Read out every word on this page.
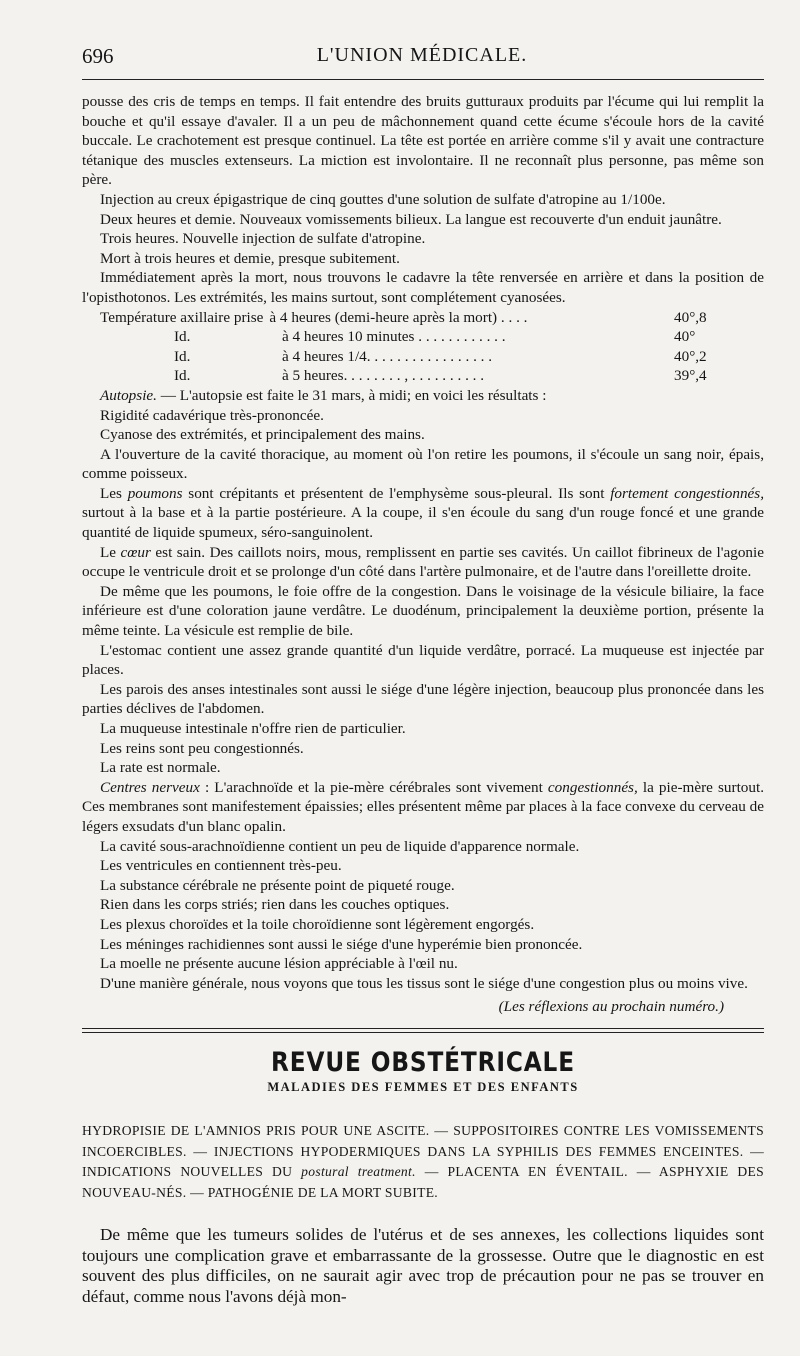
696	L'UNION MÉDICALE.

pousse des cris de temps en temps. Il fait entendre des bruits gutturaux produits par l'écume qui lui remplit la bouche et qu'il essaye d'avaler. Il a un peu de mâchonnement quand cette écume s'écoule hors de la cavité buccale. Le crachotement est presque continuel. La tête est portée en arrière comme s'il y avait une contracture tétanique des muscles extenseurs. La miction est involontaire. Il ne reconnaît plus personne, pas même son père.

Injection au creux épigastrique de cinq gouttes d'une solution de sulfate d'atropine au 1/100e.

Deux heures et demie. Nouveaux vomissements bilieux. La langue est recouverte d'un enduit jaunâtre.

Trois heures. Nouvelle injection de sulfate d'atropine.

Mort à trois heures et demie, presque subitement.

Immédiatement après la mort, nous trouvons le cadavre la tête renversée en arrière et dans la position de l'opisthotonos. Les extrémités, les mains surtout, sont complétement cyanosées.

Température axillaire prise à 4 heures (demi-heure après la mort) . . . .	40°,8
Id.	à 4 heures 10 minutes . . . . . . . . . . . .	40°
Id.	à 4 heures 1/4. . . . . . . . . . . . . . . . .	40°,2
Id.	à 5 heures. . . . . . . . , . . . . . . . . . .	39°,4

Autopsie. — L'autopsie est faite le 31 mars, à midi; en voici les résultats :

Rigidité cadavérique très-prononcée.

Cyanose des extrémités, et principalement des mains.

A l'ouverture de la cavité thoracique, au moment où l'on retire les poumons, il s'écoule un sang noir, épais, comme poisseux.

Les poumons sont crépitants et présentent de l'emphysème sous-pleural. Ils sont fortement congestionnés, surtout à la base et à la partie postérieure. A la coupe, il s'en écoule du sang d'un rouge foncé et une grande quantité de liquide spumeux, séro-sanguinolent.

Le cœur est sain. Des caillots noirs, mous, remplissent en partie ses cavités. Un caillot fibrineux de l'agonie occupe le ventricule droit et se prolonge d'un côté dans l'artère pulmonaire, et de l'autre dans l'oreillette droite.

De même que les poumons, le foie offre de la congestion. Dans le voisinage de la vésicule biliaire, la face inférieure est d'une coloration jaune verdâtre. Le duodénum, principalement la deuxième portion, présente la même teinte. La vésicule est remplie de bile.

L'estomac contient une assez grande quantité d'un liquide verdâtre, porracé. La muqueuse est injectée par places.

Les parois des anses intestinales sont aussi le siége d'une légère injection, beaucoup plus prononcée dans les parties déclives de l'abdomen.

La muqueuse intestinale n'offre rien de particulier.

Les reins sont peu congestionnés.

La rate est normale.

Centres nerveux : L'arachnoïde et la pie-mère cérébrales sont vivement congestionnés, la pie-mère surtout. Ces membranes sont manifestement épaissies; elles présentent même par places à la face convexe du cerveau de légers exsudats d'un blanc opalin.

La cavité sous-arachnoïdienne contient un peu de liquide d'apparence normale.

Les ventricules en contiennent très-peu.

La substance cérébrale ne présente point de piqueté rouge.

Rien dans les corps striés; rien dans les couches optiques.

Les plexus choroïdes et la toile choroïdienne sont légèrement engorgés.

Les méninges rachidiennes sont aussi le siége d'une hyperémie bien prononcée.

La moelle ne présente aucune lésion appréciable à l'œil nu.

D'une manière générale, nous voyons que tous les tissus sont le siége d'une congestion plus ou moins vive.

(Les réflexions au prochain numéro.)
REVUE OBSTÉTRICALE
MALADIES DES FEMMES ET DES ENFANTS
HYDROPISIE DE L'AMNIOS PRIS POUR UNE ASCITE. — SUPPOSITOIRES CONTRE LES VOMISSEMENTS INCOERCIBLES. — INJECTIONS HYPODERMIQUES DANS LA SYPHILIS DES FEMMES ENCEINTES. — INDICATIONS NOUVELLES DU postural treatment. — PLACENTA EN ÉVENTAIL. — ASPHYXIE DES NOUVEAU-NÉS. — PATHOGÉNIE DE LA MORT SUBITE.
De même que les tumeurs solides de l'utérus et de ses annexes, les collections liquides sont toujours une complication grave et embarrassante de la grossesse. Outre que le diagnostic en est souvent des plus difficiles, on ne saurait agir avec trop de précaution pour ne pas se trouver en défaut, comme nous l'avons déjà mon-
